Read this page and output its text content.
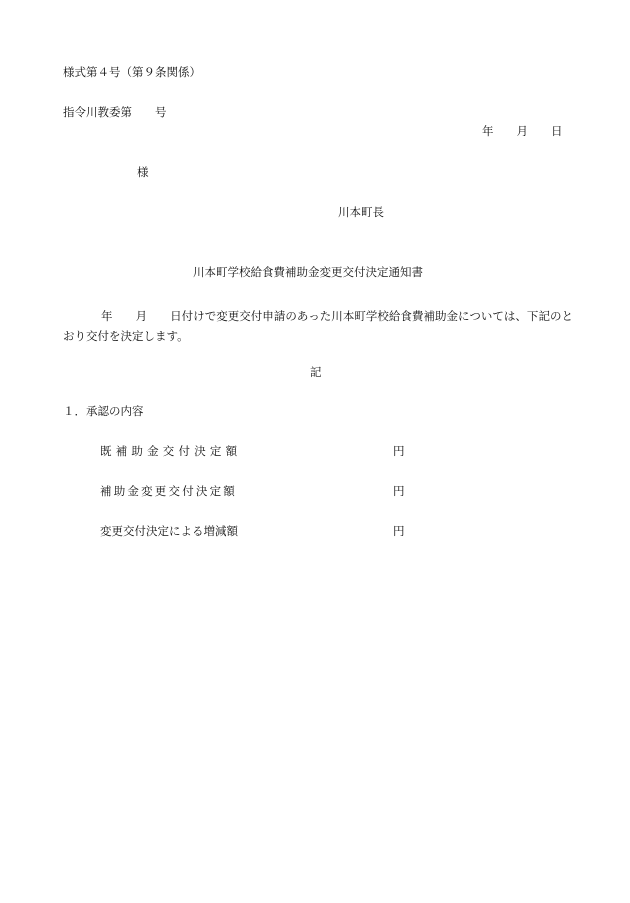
様式第４号（第９条関係）
指令川教委第　　号
年　　月　　日
様
川本町長
川本町学校給食費補助金変更交付決定通知書
年　　月　　日付けで変更交付申請のあった川本町学校給食費補助金については、下記のとおり交付を決定します。
記
１．承認の内容
既補助金交付決定額	円
補助金変更交付決定額	円
変更交付決定による増減額	円
